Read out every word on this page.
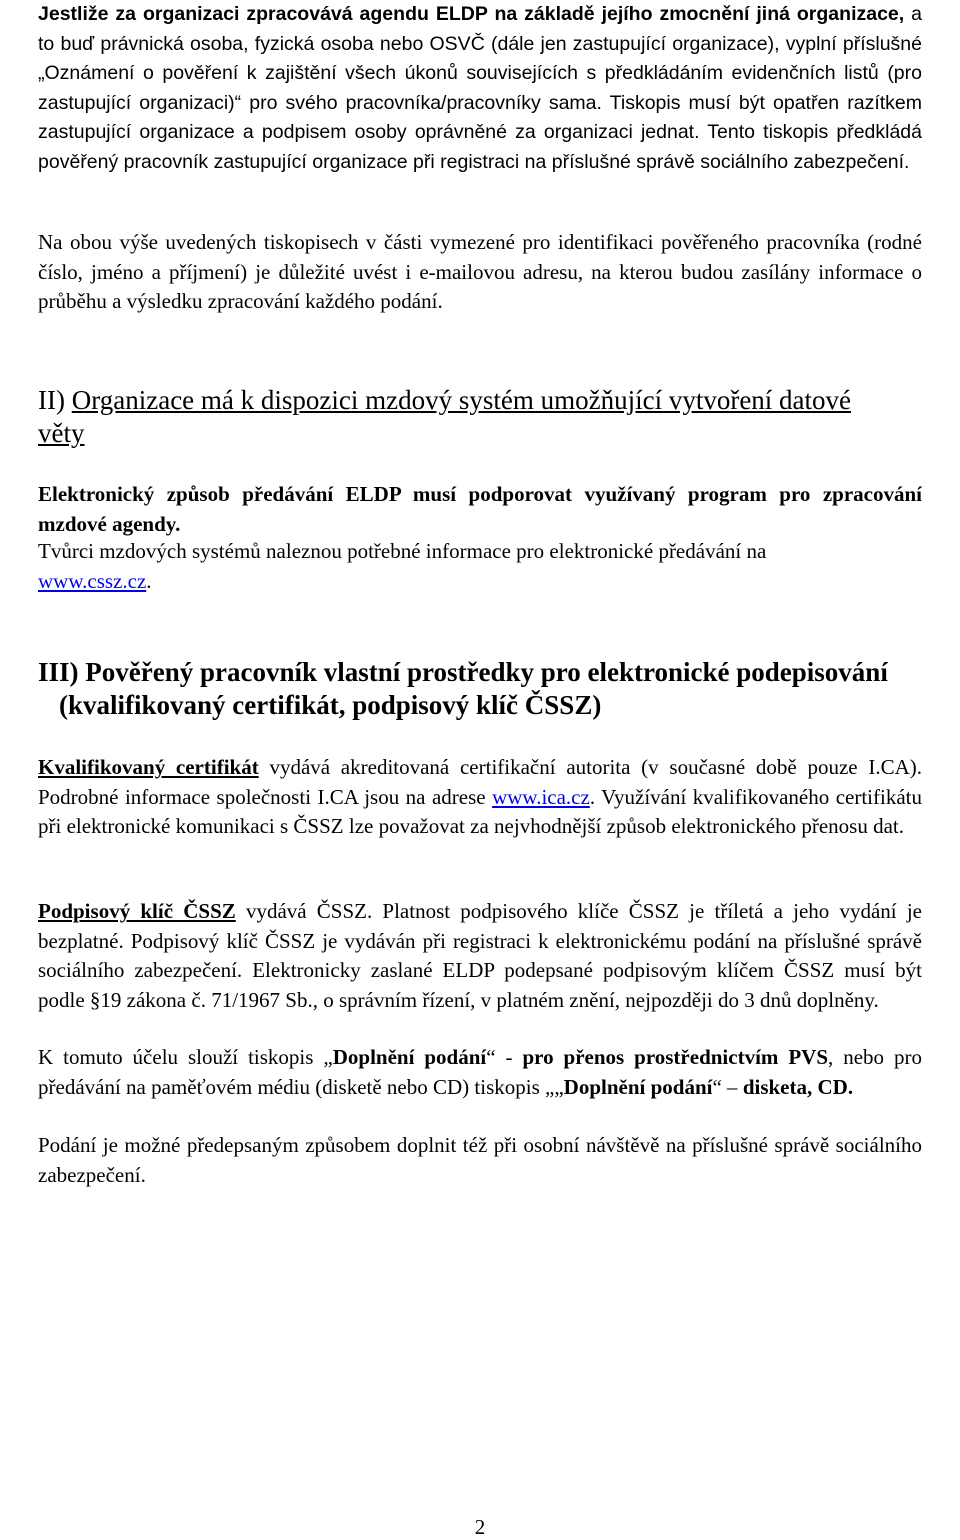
Jestliže za organizaci zpracovává agendu ELDP na základě jejího zmocnění jiná organizace, a to buď právnická osoba, fyzická osoba nebo OSVČ (dále jen zastupující organizace), vyplní příslušné „Oznámení o pověření k zajištění všech úkonů souvisejících s předkládáním evidenčních listů (pro zastupující organizaci)“ pro svého pracovníka/pracovníky sama. Tiskopis musí být opatřen razítkem zastupující organizace a podpisem osoby oprávněné za organizaci jednat. Tento tiskopis předkládá pověřený pracovník zastupující organizace při registraci na příslušné správě sociálního zabezpečení.

Na obou výše uvedených tiskopisech v části vymezené pro identifikaci pověřeného pracovníka (rodné číslo, jméno a příjmení) je důležité uvést i e-mailovou adresu, na kterou budou zasílány informace o průběhu a výsledku zpracování každého podání.

II) Organizace má k dispozici mzdový systém umožňující vytvoření datové
věty

Elektronický způsob předávání ELDP musí podporovat využívaný program pro zpracování mzdové agendy.

Tvůrci mzdových systémů naleznou potřebné informace pro elektronické předávání na
www.cssz.cz.

III) Pověřený pracovník vlastní prostředky pro elektronické podepisování
(kvalifikovaný certifikát, podpisový klíč ČSSZ)

Kvalifikovaný certifikát vydává akreditovaná certifikační autorita (v současné době pouze I.CA). Podrobné informace společnosti I.CA jsou na adrese www.ica.cz. Využívání kvalifikovaného certifikátu při elektronické komunikaci s ČSSZ lze považovat za nejvhodnější způsob elektronického přenosu dat.

Podpisový klíč ČSSZ vydává ČSSZ. Platnost podpisového klíče ČSSZ je tříletá a jeho vydání je bezplatné. Podpisový klíč ČSSZ je vydáván při registraci k elektronickému podání na příslušné správě sociálního zabezpečení. Elektronicky zaslané ELDP podepsané podpisovým klíčem ČSSZ musí být podle §19 zákona č. 71/1967 Sb., o správním řízení, v platném znění, nejpozději do 3 dnů doplněny.

K tomuto účelu slouží tiskopis „Doplnění podání“ - pro přenos prostřednictvím PVS, nebo pro předávání na paměťovém médiu (disketě nebo CD) tiskopis „„Doplnění podání“ – disketa, CD.

Podání je možné předepsaným způsobem doplnit též při osobní návštěvě na příslušné správě sociálního zabezpečení.

2
